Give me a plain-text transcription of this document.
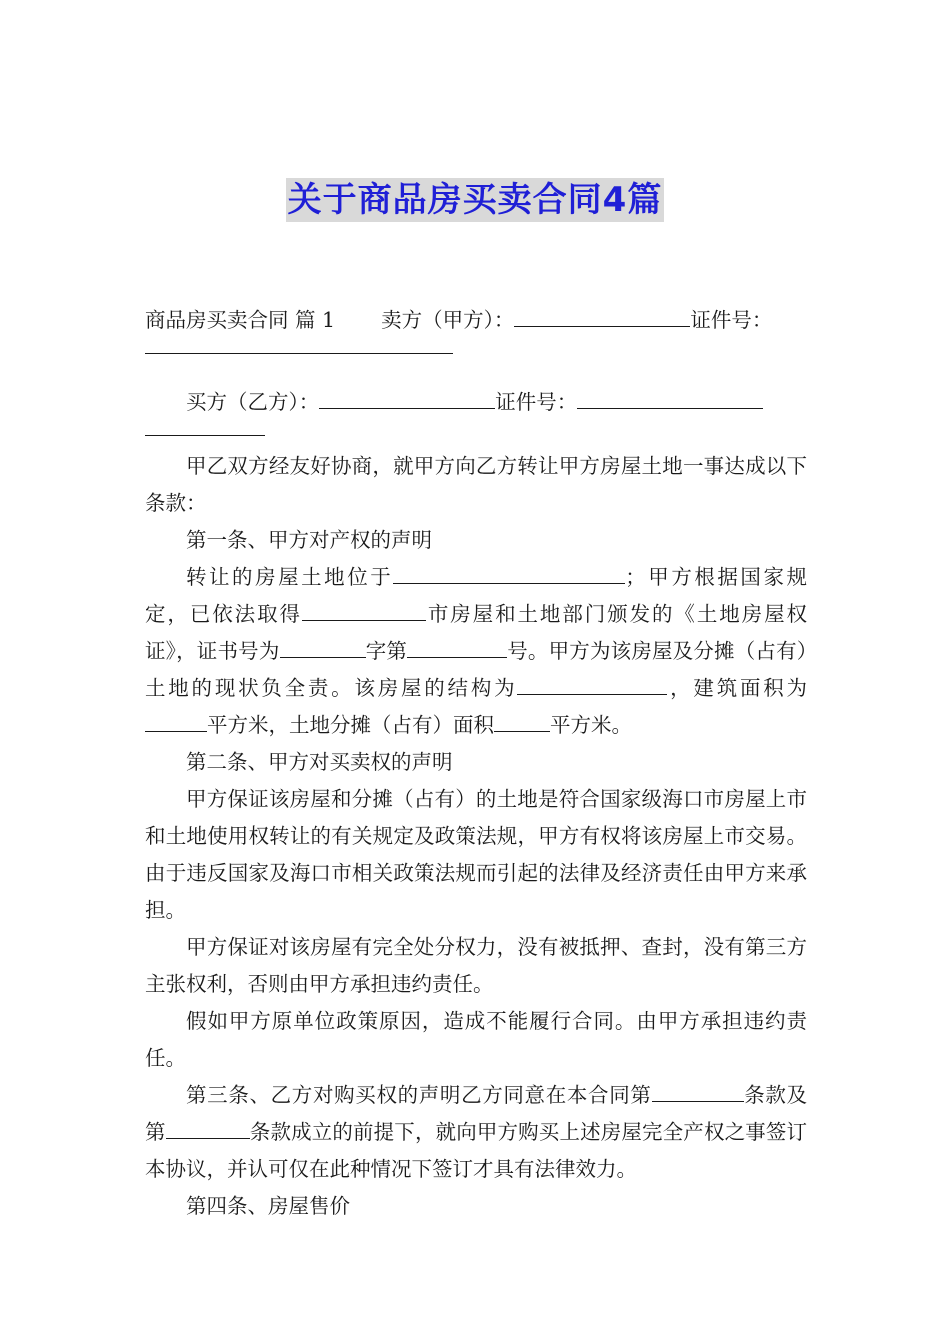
关于商品房买卖合同4篇

商品房买卖合同 篇 1 卖方（甲方）：	证件号：

买方（乙方）：	证件号：

甲乙双方经友好协商，就甲方向乙方转让甲方房屋土地一事达成以下条款：

第一条、甲方对产权的声明

转让的房屋土地位于	；甲方根据国家规定，已依法取得	市房屋和土地部门颁发的《土地房屋权证》，证书号为	字第	号。甲方为该房屋及分摊（占有）土地的现状负全责。该房屋的结构为	，建筑面积为平方米，土地分摊（占有）面积	平方米。

第二条、甲方对买卖权的声明

甲方保证该房屋和分摊（占有）的土地是符合国家级海口市房屋上市和土地使用权转让的有关规定及政策法规，甲方有权将该房屋上市交易。由于违反国家及海口市相关政策法规而引起的法律及经济责任由甲方来承担。

甲方保证对该房屋有完全处分权力，没有被抵押、查封，没有第三方主张权利，否则由甲方承担违约责任。

假如甲方原单位政策原因，造成不能履行合同。由甲方承担违约责任。

第三条、乙方对购买权的声明乙方同意在本合同第	条款及第	条款成立的前提下，就向甲方购买上述房屋完全产权之事签订本协议，并认可仅在此种情况下签订才具有法律效力。

第四条、房屋售价
